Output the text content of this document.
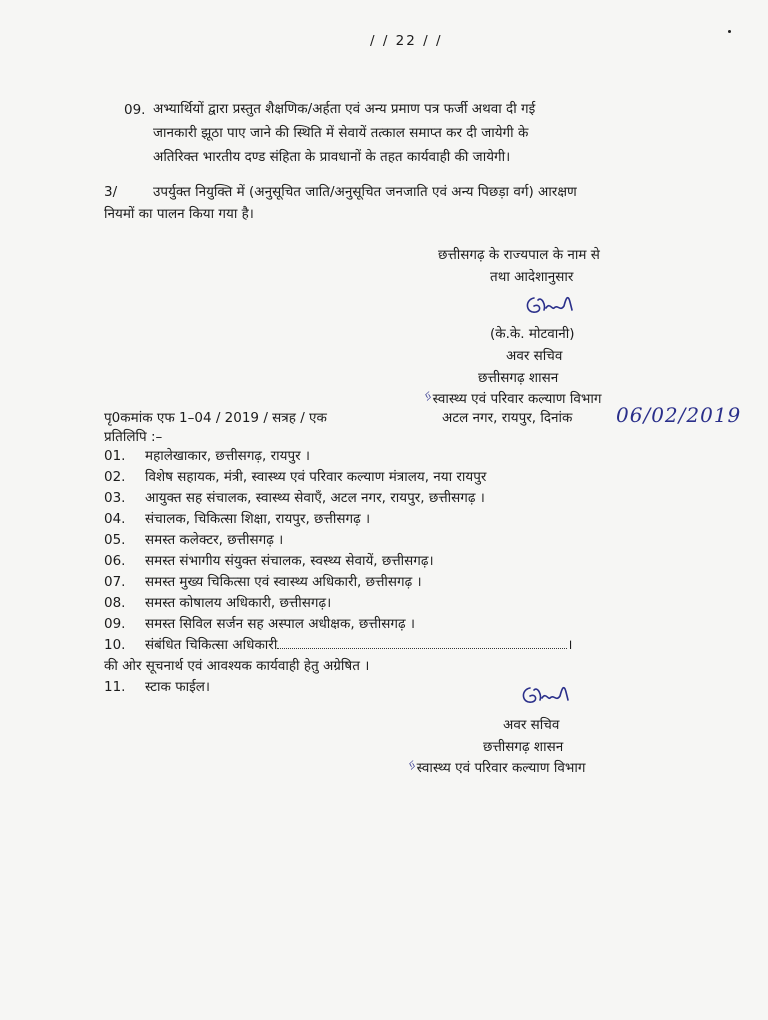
/ / 22 / /
09. अभ्यार्थियों द्वारा प्रस्तुत शैक्षणिक/अर्हता एवं अन्य प्रमाण पत्र फर्जी अथवा दी गई
जानकारी झूठा पाए जाने की स्थिति में सेवायें तत्काल समाप्त कर दी जायेगी के
अतिरिक्त भारतीय दण्ड संहिता के प्रावधानों के तहत कार्यवाही की जायेगी।
3/	उपर्युक्त नियुक्ति में (अनुसूचित जाति/अनुसूचित जनजाति एवं अन्य पिछड़ा वर्ग) आरक्षण
नियमों का पालन किया गया है।
छत्तीसगढ़ के राज्यपाल के नाम से
तथा आदेशानुसार
(के.के. मोटवानी)
अवर सचिव
छत्तीसगढ़ शासन
ᛃस्वास्थ्य एवं परिवार कल्याण विभाग
पृ0कमांक एफ 1–04 / 2019 / सत्रह / एक	अटल नगर, रायपुर, दिनांक 06/02/2019
प्रतिलिपि :–
01. महालेखाकार, छत्तीसगढ़, रायपुर ।
02. विशेष सहायक, मंत्री, स्वास्थ्य एवं परिवार कल्याण मंत्रालय, नया रायपुर
03. आयुक्त सह संचालक, स्वास्थ्य सेवाएँ, अटल नगर, रायपुर, छत्तीसगढ़ ।
04. संचालक, चिकित्सा शिक्षा, रायपुर, छत्तीसगढ़ ।
05. समस्त कलेक्टर, छत्तीसगढ़ ।
06. समस्त संभागीय संयुक्त संचालक, स्वस्थ्य सेवायें, छत्तीसगढ़।
07. समस्त मुख्य चिकित्सा एवं स्वास्थ्य अधिकारी, छत्तीसगढ़ ।
08. समस्त कोषालय अधिकारी, छत्तीसगढ़।
09. समस्त सिविल सर्जन सह अस्पाल अधीक्षक, छत्तीसगढ़ ।
10. संबंधित चिकित्सा अधिकारी	।
की ओर सूचनार्थ एवं आवश्यक कार्यवाही हेतु अग्रेषित ।
11. स्टाक फाईल।
अवर सचिव
छत्तीसगढ़ शासन
ᛃस्वास्थ्य एवं परिवार कल्याण विभाग
